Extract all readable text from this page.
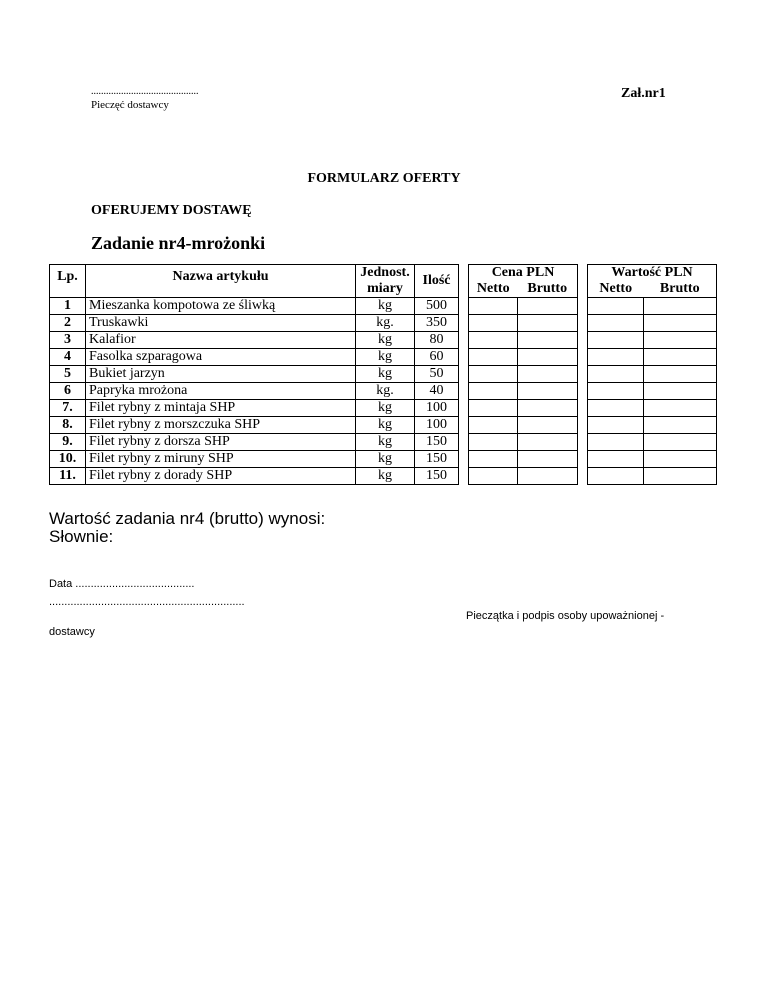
...........................................
Pieczęć dostawcy
Zał.nr1
FORMULARZ OFERTY
OFERUJEMY DOSTAWĘ
Zadanie nr4-mrożonki
Lp.	Nazwa artykułu	Jednost.	Ilość		Cena PLN			Wartość PLN	
		miary			Netto	Brutto		Netto	Brutto
1	Mieszanka kompotowa ze śliwką	kg	500						
2	Truskawki	kg.	350						
3	Kalafior	kg	80						
4	Fasolka szparagowa	kg	60						
5	Bukiet jarzyn	kg	50						
6	Papryka mrożona	kg.	40						
7.	Filet rybny z mintaja SHP	kg	100						
8.	Filet rybny z morszczuka SHP	kg	100						
9.	Filet rybny z dorsza SHP	kg	150						
10.	Filet rybny z miruny SHP	kg	150						
11.	Filet rybny z dorady SHP	kg	150						
Wartość zadania nr4 (brutto) wynosi:
Słownie:
Data .......................................
................................................................
Pieczątka i podpis osoby upoważnionej -
dostawcy
